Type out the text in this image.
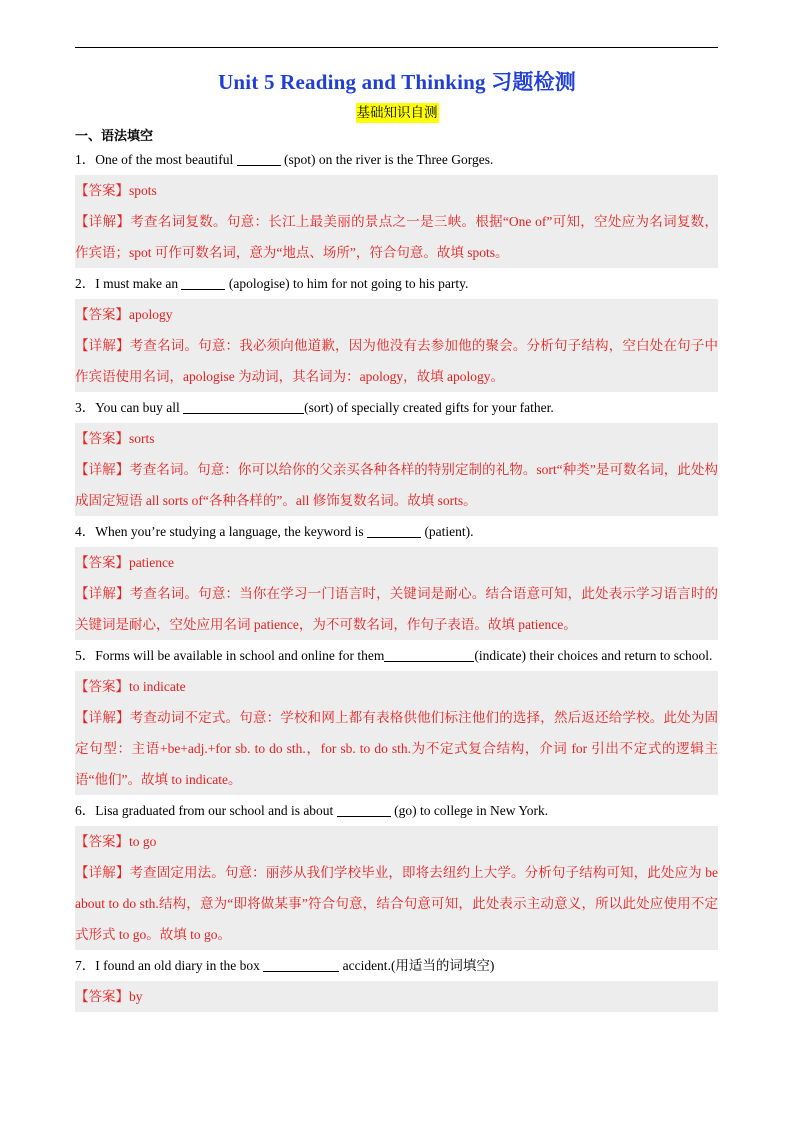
Unit 5 Reading and Thinking 习题检测
基础知识自测
一、语法填空

1．One of the most beautiful	(spot) on the river is the Three Gorges.

【答案】spots

【详解】考查名词复数。句意：长江上最美丽的景点之一是三峡。根据“One of”可知，空处应为名词复数，作宾语；spot 可作可数名词，意为“地点、场所”，符合句意。故填 spots。

2．I must make an	(apologise) to him for not going to his party.

【答案】apology

【详解】考查名词。句意：我必须向他道歉，因为他没有去参加他的聚会。分析句子结构，空白处在句子中作宾语使用名词，apologise 为动词，其名词为：apology，故填 apology。

3．You can buy all	(sort) of specially created gifts for your father.

【答案】sorts

【详解】考查名词。句意：你可以给你的父亲买各种各样的特别定制的礼物。sort“种类”是可数名词，此处构成固定短语 all sorts of“各种各样的”。all 修饰复数名词。故填 sorts。

4．When you’re studying a language, the keyword is	(patient).

【答案】patience

【详解】考查名词。句意：当你在学习一门语言时，关键词是耐心。结合语意可知，此处表示学习语言时的关键词是耐心，空处应用名词 patience，为不可数名词，作句子表语。故填 patience。

5．Forms will be available in school and online for them	(indicate) their choices and return to school.

【答案】to indicate

【详解】考查动词不定式。句意：学校和网上都有表格供他们标注他们的选择，然后返还给学校。此处为固定句型：主语+be+adj.+for sb. to do sth.，for sb. to do sth.为不定式复合结构，介词 for 引出不定式的逻辑主语“他们”。故填 to indicate。

6．Lisa graduated from our school and is about	(go) to college in New York.

【答案】to go

【详解】考查固定用法。句意：丽莎从我们学校毕业，即将去纽约上大学。分析句子结构可知，此处应为 be about to do sth.结构，意为“即将做某事”符合句意，结合句意可知，此处表示主动意义，所以此处应使用不定式形式 to go。故填 to go。

7．I found an old diary in the box	accident.(用适当的词填空)

【答案】by
